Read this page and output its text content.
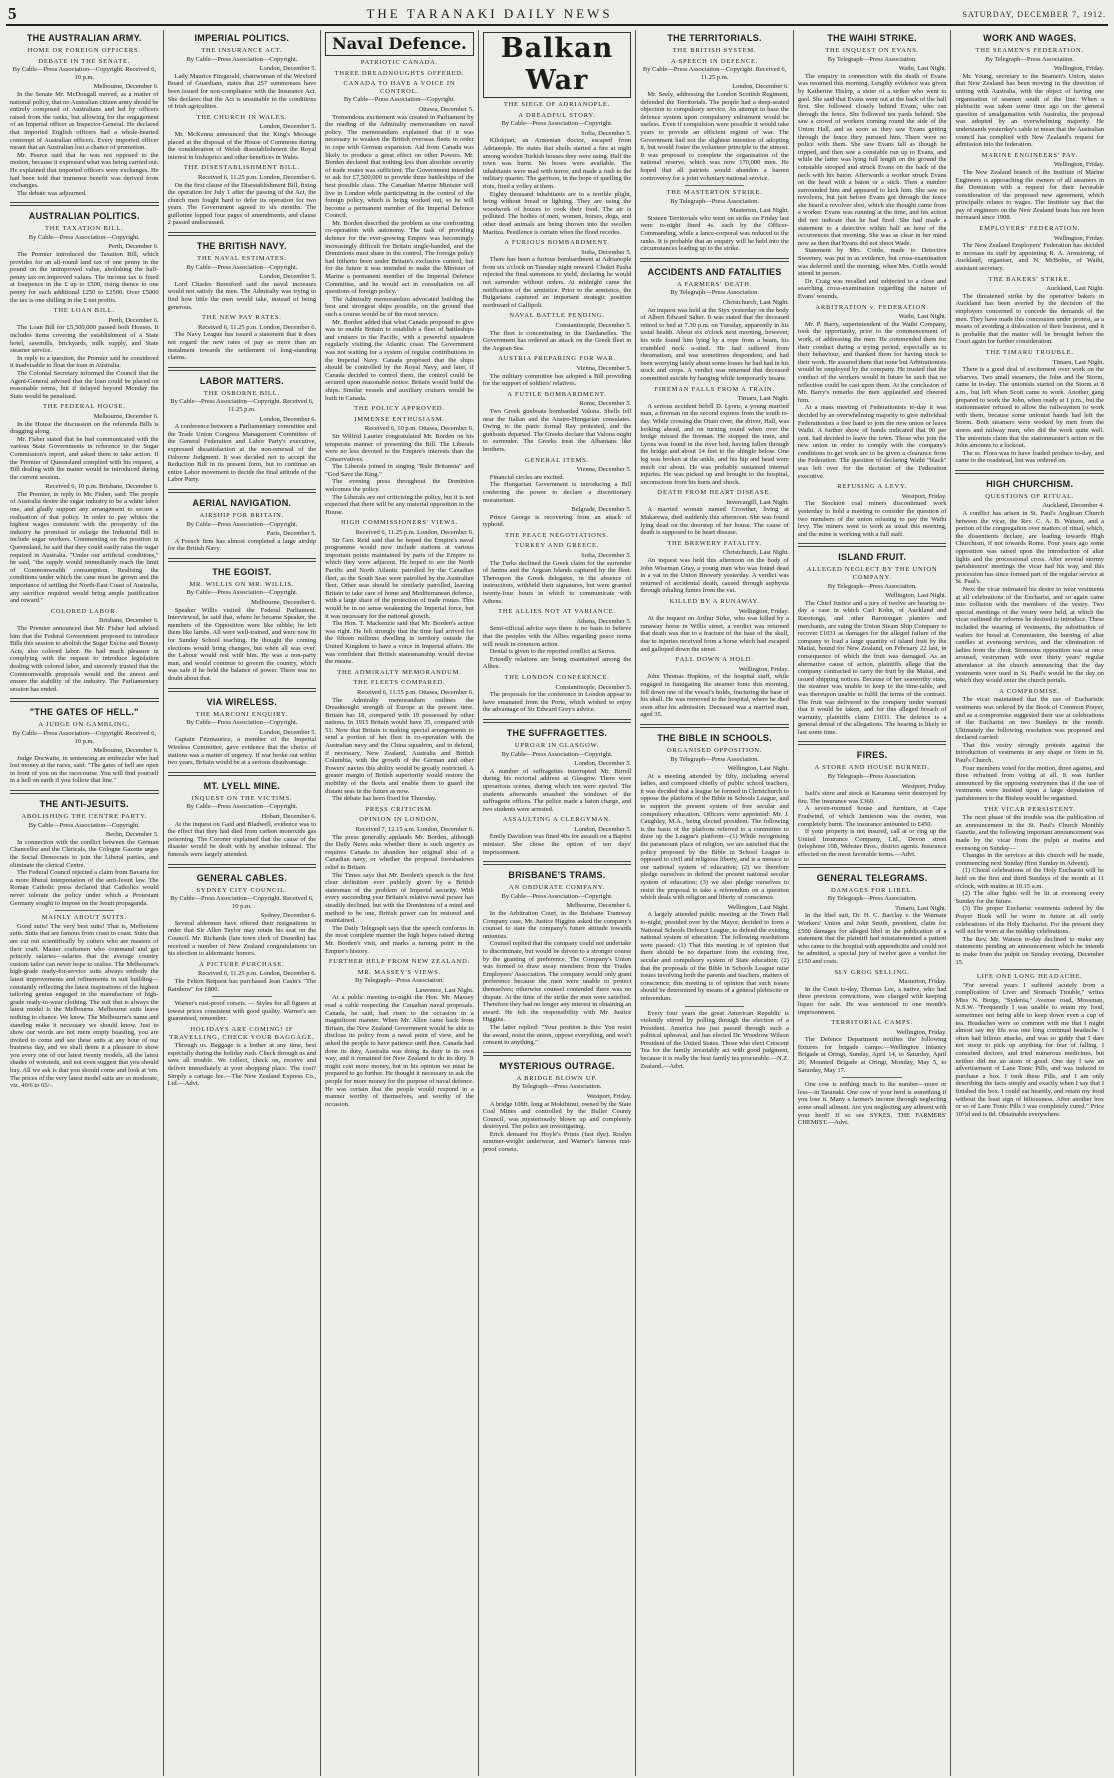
5	THE TARANAKI DAILY NEWS	SATURDAY, DECEMBER 7, 1912.
THE AUSTRALIAN ARMY.
HOME OR FOREIGN OFFICERS.
DEBATE IN THE SENATE.
By Cable—Press Association—Copyright. Received 6, 10 p.m.
Melbourne, December 6.

In the Senate Mr. McDougall moved, as a matter of national policy, that no Australian citizen army should be entirely composed of Australians and led by officers raised from the ranks, but allowing for the engagement of an Imperial officer as Inspector-General. He declared that imported English officers had a whole-hearted contempt of Australian officers. Every imported officer meant that an Australian lost a chance of promotion.

Mr. Pearce said that he was not opposed to the motion, because it expressed what was being carried out. He explained that imported officers were exchanges. He had been told that immense benefit was derived from exchanges.

The debate was adjourned.

AUSTRALIAN POLITICS.
THE TAXATION BILL.
By Cable—Press Association—Copyright.
Perth, December 6.

The Premier introduced the Taxation Bill, which provides for an all-round land tax of one penny in the pound on the unimproved value, abolishing the half-penny tax on improved values. The income tax is fixed at fourpence in the £ up to £500, rising thence to one penny for each additional £250 to £2500. Over £5000 the tax is one shilling in the £ net profits.

THE LOAN BILL.
Perth, December 6.

The Loan Bill for £5,500,000 passed both Houses. It includes items covering the establishment of a State hotel, sawmills, brickyards, milk supply, and State steamer service.

In reply to a question, the Premier said he considered it inadvisable to float the loan in Australia.

The Colonial Secretary informed the Council that the Agent-General advised that the loan could be placed on reasonable terms, but if delayed beyond Monday the State would be penalised.

THE FEDERAL HOUSE.
Melbourne, December 6.

In the House the discussion on the referenda Bills is dragging along.

Mr. Fisher stated that he had communicated with the various State Governments in reference to the Sugar Commission's report, and asked them to take action. If the Premier of Queensland complied with his request, a Bill dealing with the matter would be introduced during the current session.

Received 6, 10 p.m. Brisbane, December 6.

The Premier, in reply to Mr. Fisher, said: The people of Australia desire the sugar industry to be a white labor one, and gladly support any arrangement to secure a realisation of that policy. In order to pay whites the highest wages consistent with the prosperity of the industry he promised to enlarge the Industrial Bill to include sugar workers. Commenting on the position in Queensland, he said that they could easily raise the sugar required in Australia. "Under our artificial conditions," he said, "the supply would immediately reach the limit of Commonwealth consumption. Realising the conditions under which the cane must be grown and the importance of settling the North-East Coast of Australia, any sacrifice required would bring ample justification and reward."

COLORED LABOR.
Brisbane, December 6.

The Premier announced that Mr. Fisher had advised him that the Federal Government proposed to introduce Bills this session to abolish the Sugar Excise and Bounty Acts, also colored labor. He had much pleasure in complying with the request to introduce legislation dealing with colored labor, and sincerely trusted that the Commonwealth proposals would end the unrest and ensure the stability of the industry. The Parliamentary session has ended.

"THE GATES OF HELL."
A JUDGE ON GAMBLING.
By Cable—Press Association—Copyright. Received 6, 10 p.m.
Melbourne, December 6.

Judge Docwaite, in sentencing an embezzler who had lost money at the races, said: "The gates of hell are open in front of you on the racecourse. You will find yourself in a hell on earth if you follow that line."

THE ANTI-JESUITS.
ABOLISHING THE CENTRE PARTY.
By Cable—Press Association—Copyright.
Berlin, December 5.

In connection with the conflict between the German Chancellor and the Clericals, the Cologne Gazette urges the Social Democrats to join the Liberal parties, and eliminate the clerical Centre.

The Federal Council rejected a claim from Bavaria for a more liberal interpretation of the anti-Jesuit law. The Roman Catholic press declared that Catholics would never tolerate the policy under which a Protestant Germany sought to impose on the Jesuit propaganda.

MAINLY ABOUT SUITS.

Good suits! The very best suits! That is, Melbourne suits. Suits that are famous from coast to coast. Suits that are cut out scientifically by cutters who are masters of their craft. Master craftsmen who command and get princely salaries—salaries that the average country custom tailor can never hope to realise. The Melbourne's high-grade ready-for-service suits always embody the latest improvements and refinements in suit building—constantly reflecting the latest inspirations of the highest tailoring genius engaged in the manufacture of high-grade ready-to-wear clothing. The suit that is always the latest model is the Melbourne. Melbourne suits leave nothing to chance. We know. The Melbourne's name and standing make it necessary we should know. Just to show our words are not mere empty boasting, you are invited to come and see these suits at any hour of our business day, and we shall deem it a pleasure to show you every one of our latest twenty models, all the latest shades of worsteds, and not even suggest that you should buy. All we ask is that you should come and look at 'em. The prices of the very latest model suits are so moderate, viz. 49/6 to 65/-.

IMPERIAL POLITICS.
THE INSURANCE ACT.
By Cable—Press Association—Copyright.
London, December 5.

Lady Maurice Fitzgerald, chairwoman of the Wexford Board of Guardians, states that 257 summonses have been issued for non-compliance with the Insurance Act. She declares that the Act is unsuitable to the conditions of Irish agriculture.

THE CHURCH IN WALES.
London, December 5.

Mr. McKenna announced that the King's Message placed at the disposal of the House of Commons during the consideration of Welsh disestablishment the Royal interest in bishoprics and other benefices in Wales.

THE DISESTABLISHMENT BILL.
Received 6, 11.25 p.m. London, December 6.

On the first clause of the Disestablishment Bill, fixing the operation for July 1 after the passing of the Act, the church men fought hard to defer its operation for two years. The Government agreed to six months. The guillotine lopped four pages of amendments, and clause 2 passed undiscussed.

THE BRITISH NAVY.
THE NAVAL ESTIMATES.
By Cable—Press Association—Copyright.
London, December 5.

Lord Charles Beresford said the naval increases would not satisfy the men. The Admiralty was trying to find how little the men would take, instead of being generous.

THE NEW PAY RATES.
Received 6, 11.25 p.m. London, December 6.

The Navy League has issued a statement that it does not regard the new rates of pay as more than an instalment towards the settlement of long-standing claims.

LABOR MATTERS.
THE OSBORNE BILL.
By Cable—Press Association—Copyright. Received 6, 11.25 p.m.
London, December 6.

A conference between a Parliamentary committee and the Trade Union Congress Management Committee of the General Federation and Labor Party's executive, expressed dissatisfaction at the non-renewal of the Osborne Judgment. It was decided not to accept the Reduction Bill in its present form, but to continue an entire Labor movement to decide the final attitude of the Labor Party.

AERIAL NAVIGATION.
AIRSHIP FOR BRITAIN.
By Cable—Press Association—Copyright.
Paris, December 5.

A French firm has almost completed a large airship for the British Navy.

THE EGOIST.
MR. WILLIS ON MR. WILLIS.
By Cable—Press Association—Copyright.
Melbourne, December 6.

Speaker Willis visited the Federal Parliament. Interviewed, he said that, where he became Speaker, the members of the Opposition were like rabble; he left them like lambs. All were well-trained, and were now fit for Sunday School teaching. He thought the coming elections would bring changes, but when all was over, the Labour would rest with him. He was a non-party man, and would continue to govern the country, which was safe if he held the balance of power. There was no doubt about that.

VIA WIRELESS.
THE MARCONI ENQUIRY.
By Cable—Press Association—Copyright.
London, December 5.

Captain Fitzmaurice, a member of the Imperial Wireless Committee, gave evidence that the choice of stations was a matter of urgency. If war broke out within two years, Britain would be at a serious disadvantage.

MT. LYELL MINE.
INQUEST ON THE VICTIMS.
By Cable—Press Association—Copyright.
Hobart, December 6.

At the inquest on Gaid and Bladwell, evidence was to the effect that they had died from carbon monoxide gas poisoning. The Coroner explained that the cause of the disaster would be dealt with by another tribunal. The funerals were largely attended.

GENERAL CABLES.
SYDNEY CITY COUNCIL.
By Cable—Press Association—Copyright. Received 6, 10 p.m.
Sydney, December 6.

Several aldermen have offered their resignations in order that Sir Allen Taylor may retain his seat on the Council. Mr. Richards (late town clerk of Dunedin) has received a number of New Zealand congratulations on his election to aldermanic honors.

A PICTURE PURCHASE.
Received 6, 11.25 p.m. London, December 6.

The Felton Bequest has purchased Jean Casin's "The Rainbow" for £800.

Warner's rust-proof corsets. — Styles for all figures at lowest prices consistent with good quality. Warner's are guaranteed, remember.

HOLIDAYS ARE COMING! IF TRAVELLING, CHECK YOUR BAGGAGE.

Through us. Baggage is a bother at any time, best especially during the holiday rush. Check through us and save all trouble. We collect, check on, receive and deliver immediately at your shopping place. The cost? Simply a cartage fee.—The New Zealand Express Co., Ltd.—Advt.

Naval Defence.
PATRIOTIC CANADA.
THREE DREADNOUGHTS OFFERED.
CANADA TO HAVE A VOICE IN CONTROL.
By Cable—Press Association—Copyright.
Ottawa, December 5.

Tremendous excitement was created in Parliament by the reading of the Admiralty memorandum on naval policy. The memorandum explained that if it was necessary to weaken the British overseas fleets in order to cope with German expansion. Aid from Canada was likely to produce a great effect on other Powers. Mr. Borden declared that nothing less than absolute security of trade routes was sufficient. The Government intended to ask for £7,500,000 to provide three battleships of the best possible class. The Canadian Marine Minister will live in London while participating in the control of the foreign policy, which is being worked out, so he will become a permanent member of the Imperial Defence Council.

Mr. Borden described the problem as one confronting co-operation with autonomy. The task of providing defence for the ever-growing Empire was becomingly increasingly difficult for Britain single-handed, and the Dominions must share in the control. The foreign policy had hitherto been under Britain's exclusive control, but for the future it was intended to make the Minister of Marine a permanent member of the Imperial Defence Committee, and he would act in consultation on all questions of foreign policy.

The Admiralty memorandum advocated building the best and strongest ships possible, on the ground that such a course would be of the most service.

Mr. Borden added that what Canada proposed to give was to enable Britain to establish a fleet of battleships and cruisers in the Pacific, with a powerful squadron regularly visiting the Atlantic coast. The Government was not waiting for a system of regular contributions to the Imperial Navy. Canada proposed that the ships should be controlled by the Royal Navy, and later, if Canada decided to control them, the control could be secured upon reasonable notice. Britain would build the ships. Similar vessels and auxiliary cruisers would be built in Canada.

THE POLICY APPROVED.
IMMENSE ENTHUSIASM.
Received 6, 10 p.m. Ottawa, December 6.

Sir Wilfrid Laurier congratulated Mr. Borden on his temperate manner of presenting the Bill. The Liberals were no less devoted to the Empire's interests than the Conservatives.

The Liberals joined in singing "Rule Britannia" and "God Save the King."

The evening press throughout the Dominion welcomes the policy.

The Liberals are not criticising the policy, but it is not expected that there will be any material opposition in the House.

HIGH COMMISSIONERS' VIEWS.
Received 6, 11.25 p.m. London, December 6.

Sir Geo. Reid said that he hoped the Empire's naval programme would now include stations at various important points maintained by parts of the Empire to which they were adjacent. He hoped to see the North Pacific and North Atlantic patrolled by the Canadian fleet, as the South Seas were patrolled by the Australian fleet. Other seas should be similarly patrolled, leaving Britain to take care of home and Mediterranean defence, with a large share of the protection of trade routes. This would be in no sense weakening the Imperial force, but it was necessary for the national growth.

The Hon. T. Mackenzie said that Mr. Borden's action was right. He felt strongly that the time had arrived for the fifteen millions dwelling in territory outside the United Kingdom to have a voice in Imperial affairs. He was confident that British statesmanship would devise the means.

THE ADMIRALTY MEMORANDUM.
THE FLEETS COMPARED.
Received 6, 11.55 p.m. Ottawa, December 6.

The Admiralty memorandum outlines the Dreadnought strength of Europe at the present time. Britain has 18, compared with 19 possessed by other nations. In 1915 Britain would have 35, compared with 51. Now that Britain is making special arrangements to send a portion of her fleet in co-operation with the Australian navy and the China squadron, and to defend, if necessary, New Zealand, Australia and British Columbia, with the growth of the German and other Powers' navies this ability would be greatly restricted. A greater margin of British superiority would restore the mobility of the fleets and enable them to guard the distant seas in the future as now.

The debate has been fixed for Thursday.

PRESS CRITICISM.
OPINION IN LONDON.
Received 7, 12.15 a.m. London, December 6.

The press generally applauds Mr. Borden, although the Daily News asks whether there is such urgency as requires Canada to abandon her original idea of a Canadian navy, or whether the proposal foreshadows relief to Britain.

The Times says that Mr. Borden's speech is the first clear definition ever publicly given by a British statesman of the problem of Imperial security. With every succeeding year Britain's relative naval power has steadily declined, but with the Dominions of a mind and method to be one, British power can be restored and maintained.

The Daily Telegraph says that the speech conforms in the most complete manner the high hopes raised during Mr. Borden's visit, and marks a turning point in the Empire's history.

FURTHER HELP FROM NEW ZEALAND.
MR. MASSEY'S VIEWS.
By Telegraph—Press Association.
Lawrence, Last Night.

At a public meeting to-night the Hon. Mr. Massey read a cable respecting the Canadian naval proposals. Canada, he said, had risen to the occasion in a magnificent manner. When Mr. Allen came back from Britain, the New Zealand Government would be able to disclose its policy from a naval point of view, and he asked the people to have patience until then. Canada had done its duty, Australia was doing its duty in its own way, and it remained for New Zealand to do its duty. It might cost more money, but in his opinion we must be prepared to go further. He thought it necessary to ask the people for more money for the purpose of naval defence. He was certain that the people would respond in a manner worthy of themselves, and worthy of the occasion.

Balkan War
THE SIEGE OF ADRIANOPLE.
A DREADFUL STORY.
By Cable—Press Association—Copyright.
Sofia, December 5.

Kilokjian, an Armenian doctor, escaped from Adrianople. He states that shells started a fire at night among wooden Turkish houses they were using. Half the town was burnt. No hoses were available. The inhabitants were mad with terror, and made a rush to the military quarter. The garrison, in the hope of quelling the riots, fired a volley at them.

Eighty thousand inhabitants are in a terrible plight, being without bread or lighting. They are using the woodwork of houses to cook their food. The air is polluted. The bodies of men, women, horses, dogs, and other dead animals are being thrown into the swollen Maritza. Pestilence is certain when the flood recedes.

A FURIOUS BOMBARDMENT.
Sofia, December 5.

There has been a furious bombardment at Adrianople from six o'clock on Tuesday night onward. Chukri Pasha rejected the final summons to yield, declaring he would not surrender without orders. At midnight came the notification of the armistice. Prior to the armistice, the Bulgarians captured an important strategic position northward of Gallipoli.

NAVAL BATTLE PENDING.
Constantinople, December 5.

The fleet is concentrating in the Dardanelles. The Government has ordered an attack on the Greek fleet in the Aegean Sea.

AUSTRIA PREPARING FOR WAR.
Vienna, December 5.

The military committee has adopted a Bill providing for the support of soldiers' relatives.

A FUTILE BOMBARDMENT.
Rome, December 5.

Two Greek gunboats bombarded Valona. Shells fell near the Italian and the Austro-Hungarian consulates. Owing to the panic formal Ray protested, and the gunboats departed. The Greeks declare that Valona ought to surrender. The Greeks treat the Albanians like brothers.

GENERAL ITEMS.
Vienna, December 5.

Financial circles are excited.

The Hungarian Government is introducing a Bill conferring the power to declare a discretionary moratorium.

Belgrade, December 5.

Prince George is recovering from an attack of typhoid.

THE PEACE NEGOTIATIONS.
TURKEY AND GREECE.
Sofia, December 5.

The Turks declined the Greek claim for the surrender of Janina and the Aegean Islands captured by the fleet. Thereupon the Greek delegates, in the absence of instructions, withheld their signatures, but were granted twenty-four hours in which to communicate with Athens.

THE ALLIES NOT AT VARIANCE.
Athens, December 5.

Semi-official advice says there is no basis to believe that the peoples with the Allies regarding peace terms will result in common action.

Denial is given to the reported conflict at Serres.

Friendly relations are being maintained among the Allies.

THE LONDON CONFERENCE.
Constantinople, December 5.

The proposals for the conference in London appear to have emanated from the Porte, which wished to enjoy the advantage of Sir Edward Grey's advice.

THE SUFFRAGETTES.
UPROAR IN GLASGOW.
By Cable—Press Association—Copyright.
London, December 5.

A number of suffragettes interrupted Mr. Birrell during his rectorial address at Glasgow. There were uproarious scenes, during which ten were ejected. The students afterwards smashed the windows of the suffragette offices. The police made a baton charge, and two students were arrested.

ASSAULTING A CLERGYMAN.
London, December 5.

Emily Davidson was fined 40s for assault on a Baptist minister. She chose the option of ten days' imprisonment.

BRISBANE'S TRAMS.
AN OBDURATE COMPANY.
By Cable—Press Association—Copyright.
Melbourne, December 6.

In the Arbitration Court, in the Brisbane Tramway Company case, Mr. Justice Higgins asked the company's counsel to state the company's future attitude towards unionists.

Counsel replied that the company could not undertake to discriminate, but would be driven to a stronger course by the granting of preference. The Company's Union was formed to draw away members from the Trades Employees' Association. The company would only grant preference because the men were unable to protect themselves; otherwise counsel contended there was no dispute. At the time of the strike the men were satisfied. Therefore they had no longer any interest in obtaining an award. He felt the responsibility with Mr. Justice Higgins.

The latter replied: "Your position is this: You resist the award, resist the union, oppose everything, and won't consent to anything."

MYSTERIOUS OUTRAGE.
A BRIDGE BLOWN UP.
By Telegraph—Press Association.
Westport, Friday.

A bridge 108ft. long at Mokihinui, owned by the State Coal Mines and controlled by the Buller County Council, was mysteriously blown up and completely destroyed. The police are investigating.

Erick demand for Hoyle's Prints (fast dye). Roslyn summer-weight underwear, and Warner's famous rust-proof corsets.

THE TERRITORIALS.
THE BRITISH SYSTEM.
A SPEECH IN DEFENCE.
By Cable—Press Association—Copyright. Received 6, 11.25 p.m.
London, December 6.

Mr. Seely, addressing the London Scottish Regiment, defended the Territorials. The people had a deep-seated objection to compulsory service. An attempt to base the defence system upon compulsory enlistment would be useless. Even if compulsion were possible it would take years to provide an efficient regime of war. The Government had not the slightest intention of adopting it, but would foster the volunteer principle to the utmost. It was proposed to complete the organisation of the national reserve, which was now 170,000 men. He hoped that all patriots would abandon a barren controversy for a joint voluntary national service.

THE MASTERTON STRIKE.
By Telegraph—Press Association.
Masterton, Last Night.

Sixteen Territorials who went on strike on Friday last were to-night fined 4s. each by the Officer-Commanding, while a lance-corporal was reduced to the ranks. It is probable that an enquiry will be held into the circumstances leading up to the strike.

ACCIDENTS AND FATALITIES
A FARMERS' DEATH.
By Telegraph—Press Association.
Christchurch, Last Night.

An inquest was held at the Styx yesterday on the body of Albert Edward Salter. It was stated that the deceased retired to bed at 7.30 p.m. on Tuesday, apparently in his usual health. About six o'clock next morning, however, his wife found him lying by a rope from a beam, his crumbled neck a-sited. He had suffered from rheumatism, and was sometimes despondent, and had been worrying lately about some losses he had had in his stock and crops. A verdict was returned that deceased committed suicide by hanging while temporarily insane.

FIREMAN FALLS FROM A TRAIN.
Timaru, Last Night.

A serious accident befell D. Lyons, a young married man, a fireman on the second express from the south to-day. While crossing the Otaio river, the driver, Hall, was looking ahead, and on turning round when over the bridge missed the fireman. He stopped the train, and Lyons was found in the river bed, having fallen through the bridge and about 14 feet to the shingle below. One leg was broken at the ankle, and his hip and head were much cut about. He was probably sustained internal injuries. He was picked up and brought to the hospital, unconscious from his hurts and shock.

DEATH FROM HEART DISEASE.
Invercargill, Last Night.

A married woman named Crowther, living at Makarewa, died suddenly this afternoon. She was found lying dead on the doorstep of her house. The cause of death is supposed to be heart disease.

THE BREWERY FATALITY.
Christchurch, Last Night.

An inquest was held this afternoon on the body of John Wiseman Gray, a young man who was found dead in a vat in the Union Brewery yesterday. A verdict was returned of accidental death, caused through asphyxia through inhaling fumes from the vat.

KILLED BY A RUNAWAY.
Wellington, Friday.

At the inquest on Arthur Sirke, who was killed by a runaway horse in Willis street, a verdict was returned that death was due to a fracture of the base of the skull, due to injuries received from a horse which had escaped and galloped down the street.

FALL DOWN A HOLD.
Wellington, Friday.

John Thomas Hopkins, of the hospital staff, while engaged in fumigating the steamer Ionic this morning, fell down one of the vessel's holds, fracturing the base of his skull. He was removed to the hospital, where he died soon after his admission. Deceased was a married man, aged 35.

THE BIBLE IN SCHOOLS.
ORGANISED OPPOSITION.
By Telegraph—Press Association.
Wellington, Last Night.

At a meeting attended by fifty, including several ladies, and composed chiefly of public school teachers, it was decided that a league be formed in Christchurch to oppose the platform of the Bible in Schools League, and to support the present system of free secular and compulsory education. Officers were appointed: Mr. J. Caughley, M.A., being elected president. The following is the basis of the platform referred to a committee to draw up the League's platform—(1) While recognising the paramount place of religion, we are satisfied that the policy proposed by the Bible in School League is opposed to civil and religious liberty, and is a menace to our national system of education; (2) we therefore pledge ourselves to defend the present national secular system of education; (3) we also pledge ourselves to resist the proposal to take a referendum on a question which deals with religion and liberty of conscience.

Wellington, Last Night.

A largely attended public meeting at the Town Hall to-night, presided over by the Mayor, decided to form a National Schools Defence League, to defend the existing national system of education. The following resolutions were passed: (1) That this meeting is of opinion that there should be no departure from the existing free, secular and compulsory system of State education; (2) that the proposals of the Bible in Schools League raise issues involving both the parents and teachers, matters of conscience; this meeting is of opinion that such issues should be determined by means of a general plebiscite or referendum.

Every four years the great American Republic is violently stirred by polling through the election of a President. America has just passed through such a political upheaval, and has elected Dr. Woodrow Wilson President of the United States. Those who elect Crescent Tea for the family invariably act with good judgment, because it is really the best family tea procurable.—N.Z. Zealand.—Advt.

THE WAIHI STRIKE.
THE INQUEST ON EVANS.
By Telegraph—Press Association.
Waihi, Last Night.

The enquiry in connection with the death of Evans was resumed this morning. Lengthy evidence was given by Katherine Hislop, a sister of a striker who went to gaol. She said that Evans went out at the back of the hall first. She followed closely behind Evans, who ran through the fence. She followed ten yards behind. She saw a crowd of workers coming round the side of the Union Hall, and as soon as they saw Evans getting through the fence they pursued him. There were no police with them. She saw Evans fall as though he tripped, and then saw a constable run up to Evans, and while the latter was lying full length on the ground the constable stooped and struck Evans on the back of the neck with his baton. Afterwards a worker struck Evans on the head with a baton or a stick. Then a number surrounded him and appeared to kick him. She saw no revolvers, but just before Evans got through the fence she heard a revolver shot, which she thought came from a worker. Evans was running at the time, and his action did not indicate that he had fired. She had made a statement to a detective within half an hour of the occurrences that morning. She was as clear in her mind now as then that Evans did not shoot Wade.

Statement by Mrs. Cottle, made to Detective Sweeney, was put in as evidence, but cross-examination was deferred until the morning, when Mrs. Cottle would attend in person.

Dr. Craig was recalled and subjected to a close and searching cross-examination regarding the nature of Evans' wounds.

ARBITRATION v. FEDERATION.
Waihi, Last Night.

Mr. P. Barry, superintendent of the Waihi Company, took the opportunity, prior to the commencement of work, of addressing the men. He commended them for their conduct during a trying period, especially as to their behaviour, and thanked them for having stuck to their work. He assured them that none but Arbitrationists would be employed by the company. He trusted that the conduct of the workers would in future be such that no reflection could be cast upon them. At the conclusion of Mr. Barry's remarks the men applauded and cheered him.

At a mass meeting of Federationists to-day it was decided by an overwhelming majority to give individual Federationists a free hand to join the new union or leave Waihi. A further show of hands indicated that 90 per cent. had decided to leave the town. Those who join the new union in order to comply with the company's conditions to get work are to be given a clearance from the Federation. The question of declaring Waihi "black" was left over for the decision of the Federation executive.

REFUSING A LEVY.
Westport, Friday.

The Stockton coal miners discontinued work yesterday to hold a meeting to consider the question of two members of the union refusing to pay the Waihi levy. The miners went to work as usual this morning, and the mine is working with a full staff.

ISLAND FRUIT.
ALLEGED NEGLECT BY THE UNION COMPANY.
By Telegraph—Press Association.
Wellington, Last Night.

The Chief Justice and a jury of twelve are hearing to-day a case in which Carl Kohn, of Auckland and Rarotonga, and other Rarotongan planters and merchants, are suing the Union Steam Ship Company to recover £1031 as damages for the alleged failure of the company to load a large quantity of island fruit by the Maitai, bound for New Zealand, on February 22 last, in consequence of which the fruit was damaged. As an alternative cause of action, plaintiffs allege that the company contracted to carry the fruit by the Maitai, and issued shipping notices. Because of her seaworthy state, the steamer was unable to keep to the time-table, and was thereupon unable to fulfil the terms of the contract. The fruit was delivered to the company under warrant that it would be taken, and for this alleged breach of warranty, plaintiffs claim £1031. The defence is a general denial of the allegations. The hearing is likely to last some time.

FIRES.
A STORE AND HOUSE BURNED.
By Telegraph—Press Association.
Westport, Friday.

Iseli's store and stock at Karamea were destroyed by fire. The insurance was £360.

A seven-roomed house and furniture, at Cape Foulwind, of which Jamieson was the owner, was completely burnt. The insurance amounted to £450.

If your property is not insured, call at or ring up the United Insurance Company, Ltd., Devon street (telephone 108, Webster Bros., district agents. Insurance effected on the most favorable terms.—Advt.

GENERAL TELEGRAMS.
DAMAGES FOR LIBEL.
By Telegraph—Press Association.
Timaru, Last Night.

In the libel suit, Dr. H. C. Barclay v. the Waimate Workers' Union and John Smith, president, claim for £500 damages for alleged libel in the publication of a statement that the plaintiff had misstatemented a patient who came to the hospital with appendicitis and could not be admitted, a special jury of twelve gave a verdict for £150 and costs.

SLY GROG SELLING.
Masterton, Friday.

In the Court to-day, Thomas Lee, a native, who had three previous convictions, was charged with keeping liquor for sale. He was sentenced to one month's imprisonment.

TERRITORIAL CAMPS.
Wellington, Friday.

The Defence Department notifies the following fixtures for brigade camps:—Wellington Infantry Brigade at Oringi, Sunday, April 14, to Saturday, April 26; Mounted Brigade at Oringi, Monday, May 5, to Saturday, May 17.

One cow is nothing much to the number—more or less—in Taranaki. One cow of your herd is something if you lose it. Many a farmer's income through neglecting some small ailment. Are you neglecting any ailment with your herd? If so see SYKES, THE FARMERS' CHEMIST.—Advt.

WORK AND WAGES.
THE SEAMEN'S FEDERATION.
By Telegraph—Press Association.
Wellington, Friday.

Mr. Young, secretary to the Seamen's Union, states that New Zealand has been moving in the direction of uniting with Australia, with the object of having one organisation of seamen south of the line. When a plebiscite was taken some time ago on the general question of amalgamation with Australia, the proposal was adopted by an overwhelming majority. He understands yesterday's cable to mean that the Australian council has complied with New Zealand's request for admission into the federation.

MARINE ENGINEERS' PAY.
Wellington, Friday.

The New Zealand branch of the Institute of Marine Engineers is approaching the owners of all steamers in the Dominion with a request for their favorable consideration of the proposed new agreement, which principally relates to wages. The Institute say that the pay of engineers on the New Zealand boats has not been increased since 1908.

EMPLOYERS' FEDERATION.
Wellington, Friday.

The New Zealand Employers' Federation has decided to increase its staff by appointing R. A. Armstrong, of Auckland, organiser, and N. McBobie, of Waihi, assistant secretary.

THE BAKERS' STRIKE.
Auckland, Last Night.

The threatened strike by the operative bakers in Auckland has been averted by the decision of the employers concerned to concede the demands of the men. They have made this concession under protest, as a means of avoiding a dislocation of their business, and it is probable that the matter will be brought before the Court again for further consideration.

THE TIMARU TROUBLE.
Timaru, Last Night.

There is a good deal of excitement over work on the wharves. Two small steamers, the John and the Storm, came in to-day. The unionists started on the Storm at 8 a.m., but left when Scott came to work. Another gang prepared to work the John, when ready at 1 p.m., but the stationmaster refused to allow the railwaymen to work with them, because some unionist hands had left the Storm. Both steamers were worked by men from the stores and railway men, who did the work quite well. The unionists claim that the stationmaster's action re the John amounts to a lockout.

The ss. Flora was to have loaded produce to-day, and came to the roadstead, but was ordered on.

HIGH CHURCHISM.
QUESTIONS OF RITUAL.
Auckland, December 4.

A conflict has arisen in St. Paul's Anglican Church between the vicar, the Rev. C. A. B. Watson, and a portion of the congregation over matters of ritual, which, the dissentients declare, are leading towards High Churchism, if not towards Rome. Four years ago some opposition was raised upon the introduction of altar lights and the processional cross. After several stormy parishioners' meetings the vicar had his way, and this procession has since formed part of the regular service at St. Paul's.

Next the vicar intimated his desire to wear vestments at all celebrations of the Eucharist, and so again came into collision with the members of the vestry. Two special meetings of the vestry were held, at which the vicar outlined the reforms he desired to introduce. These included the wearing of vestments, the substitution of wafers for bread at Communion, the burning of altar candles at evensong services, and the elimination of ladies from the choir. Strenuous opposition was at once aroused, vestrymen with over thirty years' regular attendance at the church announcing that the day vestments were used in St. Paul's would be the day on which they would enter the church portals.

A COMPROMISE.

The vicar maintained that the use of Eucharistic vestments was ordered by the Book of Common Prayer, and as a compromise suggested their use at celebrations of the Eucharist on two Sundays in the month. Ultimately the following resolution was proposed and declared carried:

That this vestry strongly protests against the introduction of vestments in any shape or form in St. Paul's Church.

Four members voted for the motion, three against, and three refrained from voting at all. It was further announced by the opposing vestrymen that if the use of vestments were insisted upon a large deputation of parishioners to the Bishop would be organised.

THE VICAR PERSISTENT.

The next phase of the trouble was the publication of an announcement in the St. Paul's Church Monthly Gazette, and the following important announcement was made by the vicar from the pulpit at matins and evensong on Sunday—

Changes in the services at this church will be made, commencing next Sunday (first Sunday in Advent).

(1) Choral celebrations of the Holy Eucharist will be held on the first and third Sundays of the month at 11 o'clock, with matins at 10.15 a.m.

(2) The altar lights will be lit at evensong every Sunday for the future.

(3) The proper Eucharist vestments ordered by the Prayer Book will be worn in future at all early celebrations of the Holy Eucharist. For the present they will not be worn at the midday celebrations.

The Rev. Mr. Watson to-day declined to make any statements pending an announcement which he intends to make from the pulpit on Sunday evening, December 15.

LIFE ONE LONG HEADACHE.

"For several years I suffered acutely from a complication of Liver and Stomach Trouble," writes Miss N. Borge, "Sydenia," Avenue road, Mossman, N.S.W. "Frequently I was unable to retain my food, sometimes not being able to keep down even a cup of tea. Headaches were so common with me that I might almost say my life was one long continual headache. I often had bilious attacks, and was so giddy that I dare not stoop to pick up anything for fear of falling. I consulted doctors, and tried numerous medicines, but neither did me an atom of good. One day I saw an advertisement of Lane Tonic Pills, and was induced to purchase a box. I took these Pills, and I am only describing the facts simply and exactly when I say that I finished the box. I could eat heartily, and retain my food without the least sign of biliousness. After another box or so of Lane Tonic Pills I was completely cured." Price 10½d and is 8d. Obtainable everywhere.
